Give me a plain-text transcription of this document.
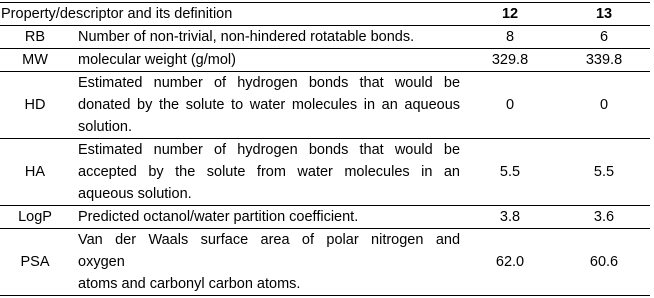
Property/descriptor and its definition		12	13
RB	Number of non-trivial, non-hindered rotatable bonds.	8	6
MW	molecular weight (g/mol)	329.8	339.8
HD	Estimated number of hydrogen bonds that would be donated by the solute to water molecules in an aqueous solution.	0	0
HA	Estimated number of hydrogen bonds that would be accepted by the solute from water molecules in an aqueous solution.	5.5	5.5
LogP	Predicted octanol/water partition coefficient.	3.8	3.6
PSA	Van der Waals surface area of polar nitrogen and
oxygen
atoms and carbonyl carbon atoms.	62.0	60.6
